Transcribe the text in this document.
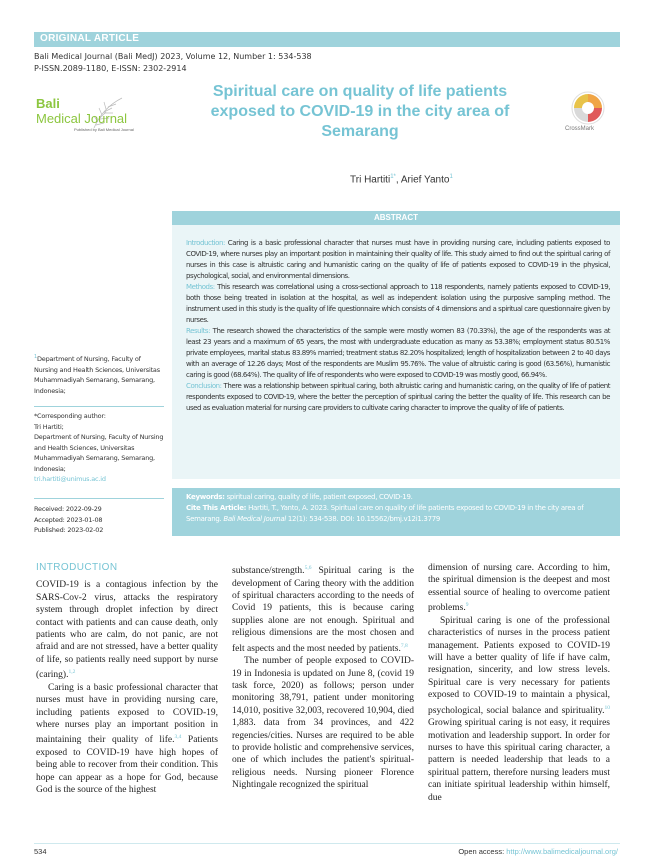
ORIGINAL ARTICLE
Bali Medical Journal (Bali MedJ) 2023, Volume 12, Number 1: 534-538
P-ISSN.2089-1180, E-ISSN: 2302-2914
Bali
Medical Journal
Published by Bali Medical Journal
Spiritual care on quality of life patients exposed to COVID-19 in the city area of Semarang	CrossMark
Tri Hartiti$^{1*}$, Arief Yanto$^1$
ABSTRACT

Introduction: Caring is a basic professional character that nurses must have in providing nursing care, including patients exposed to COVID-19, where nurses play an important position in maintaining their quality of life. This study aimed to find out the spiritual caring of nurses in this case is altruistic caring and humanistic caring on the quality of life of patients exposed to COVID-19 in the physical, psychological, social, and environmental dimensions.

Methods: This research was correlational using a cross-sectional approach to 118 respondents, namely patients exposed to COVID-19, both those being treated in isolation at the hospital, as well as independent isolation using the purposive sampling method. The instrument used in this study is the quality of life questionnaire which consists of 4 dimensions and a spiritual care questionnaire given by nurses.

Results: The research showed the characteristics of the sample were mostly women 83 (70.33%), the age of the respondents was at least 23 years and a maximum of 65 years, the most with undergraduate education as many as 53.38%; employment status 80.51% private employees, marital status 83.89% married; treatment status 82.20% hospitalized; length of hospitalization between 2 to 40 days with an average of 12.26 days; Most of the respondents are Muslim 95.76%. The value of altruistic caring is good (63.56%), humanistic caring is good (68.64%). The quality of life of respondents who were exposed to COVID-19 was mostly good, 66.94%.

Conclusion: There was a relationship between spiritual caring, both altruistic caring and humanistic caring, on the quality of life of patient respondents exposed to COVID-19, where the better the perception of spiritual caring the better the quality of life. This research can be used as evaluation material for nursing care providers to cultivate caring character to improve the quality of life of patients.

Keywords: spiritual caring, quality of life, patient exposed, COVID-19.
Cite This Article: Hartiti, T., Yanto, A. 2023. Spiritual care on quality of life patients exposed to COVID-19 in the city area of Semarang. Bali Medical Journal 12(1): 534-538. DOI: 10.15562/bmj.v12i1.3779
$^1$Department of Nursing, Faculty of Nursing and Health Sciences, Universitas Muhammadiyah Semarang, Semarang, Indonesia;
*Corresponding author:
Tri Hartiti;
Department of Nursing, Faculty of Nursing and Health Sciences, Universitas Muhammadiyah Semarang, Semarang, Indonesia;
tri.hartiti@unimus.ac.id
Received: 2022-09-29
Accepted: 2023-01-08
Published: 2023-02-02

INTRODUCTION

COVID-19 is a contagious infection by the SARS-Cov-2 virus, attacks the respiratory system through droplet infection by direct contact with patients and can cause death, only patients who are calm, do not panic, are not afraid and are not stressed, have a better quality of life, so patients really need support by nurse (caring).$^{1,2}$

Caring is a basic professional character that nurses must have in providing nursing care, including patients exposed to COVID-19, where nurses play an important position in maintaining their quality of life.$^{3,4}$ Patients exposed to COVID-19 have high hopes of being able to recover from their condition. This hope can appear as a hope for God, because God is the source of the highest

substance/strength.$^{5,6}$ Spiritual caring is the development of Caring theory with the addition of spiritual characters according to the needs of Covid 19 patients, this is because caring supplies alone are not enough. Spiritual and religious dimensions are the most chosen and felt aspects and the most needed by patients.$^{7,8}$

The number of people exposed to COVID-19 in Indonesia is updated on June 8, (covid 19 task force, 2020) as follows; person under monitoring 38,791, patient under monitoring 14,010, positive 32,003, recovered 10,904, died 1,883. data from 34 provinces, and 422 regencies/cities. Nurses are required to be able to provide holistic and comprehensive services, one of which includes the patient's spiritual-religious needs. Nursing pioneer Florence Nightingale recognized the spiritual

dimension of nursing care. According to him, the spiritual dimension is the deepest and most essential source of healing to overcome patient problems.$^9$

Spiritual caring is one of the professional characteristics of nurses in the process patient management. Patients exposed to COVID-19 will have a better quality of life if have calm, resignation, sincerity, and low stress levels. Spiritual care is very necessary for patients exposed to COVID-19 to maintain a physical, psychological, social balance and spirituality.$^{10}$ Growing spiritual caring is not easy, it requires motivation and leadership support. In order for nurses to have this spiritual caring character, a pattern is needed leadership that leads to a spiritual pattern, therefore nursing leaders must can initiate spiritual leadership within himself, due

534	Open access: http://www.balimedicaljournal.org/
